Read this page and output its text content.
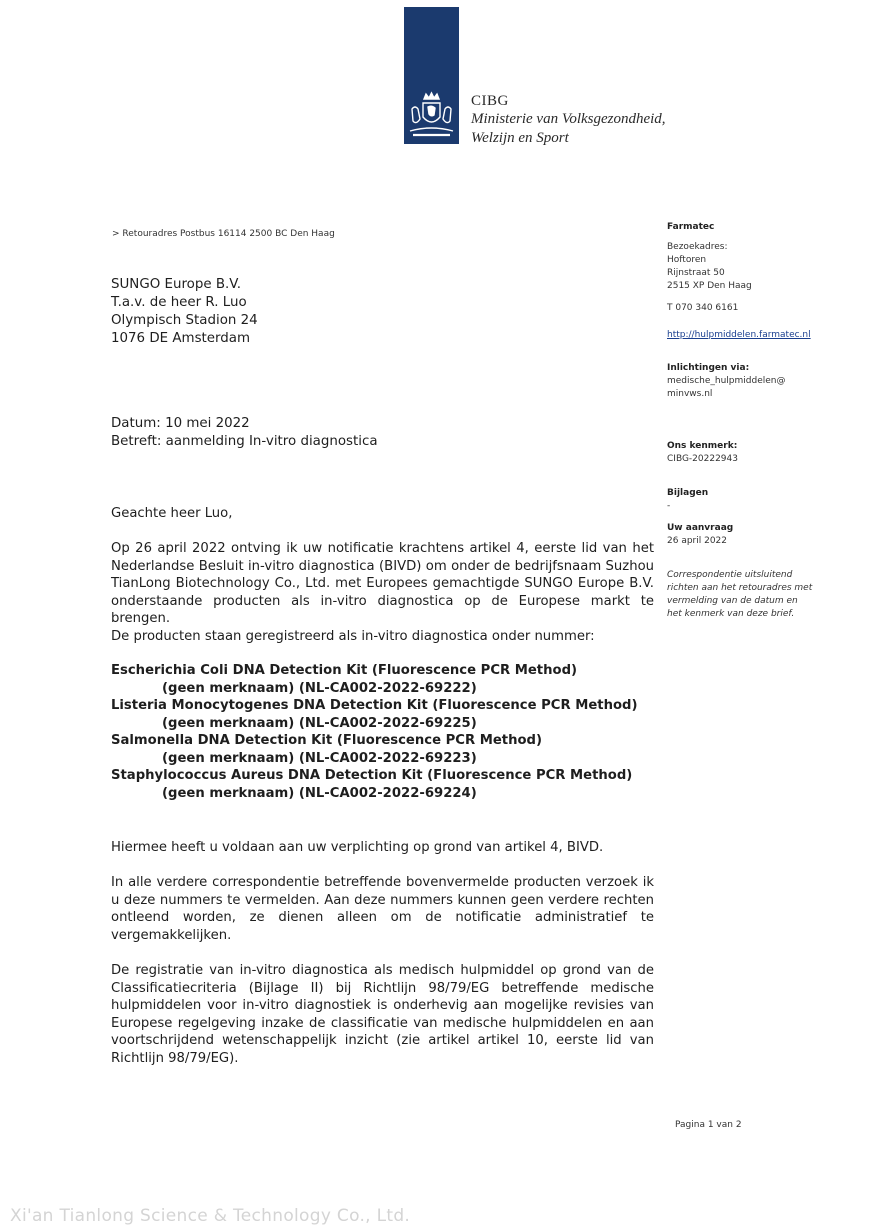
CIBG
Ministerie van Volksgezondheid,
Welzijn en Sport
> Retouradres Postbus 16114 2500 BC Den Haag
SUNGO Europe B.V.
T.a.v. de heer R. Luo
Olympisch Stadion 24
1076 DE Amsterdam
Datum: 10 mei 2022
Betreft: aanmelding In-vitro diagnostica
Geachte heer Luo,
Op 26 april 2022 ontving ik uw notificatie krachtens artikel 4, eerste lid van het Nederlandse Besluit in-vitro diagnostica (BIVD) om onder de bedrijfsnaam Suzhou TianLong Biotechnology Co., Ltd. met Europees gemachtigde SUNGO Europe B.V. onderstaande producten als in-vitro diagnostica op de Europese markt te brengen.
De producten staan geregistreerd als in-vitro diagnostica onder nummer:
Escherichia Coli DNA Detection Kit (Fluorescence PCR Method)
(geen merknaam) (NL-CA002-2022-69222)
Listeria Monocytogenes DNA Detection Kit (Fluorescence PCR Method)
(geen merknaam) (NL-CA002-2022-69225)
Salmonella DNA Detection Kit (Fluorescence PCR Method)
(geen merknaam) (NL-CA002-2022-69223)
Staphylococcus Aureus DNA Detection Kit (Fluorescence PCR Method)
(geen merknaam) (NL-CA002-2022-69224)
Hiermee heeft u voldaan aan uw verplichting op grond van artikel 4, BIVD.
In alle verdere correspondentie betreffende bovenvermelde producten verzoek ik u deze nummers te vermelden. Aan deze nummers kunnen geen verdere rechten ontleend worden, ze dienen alleen om de notificatie administratief te vergemakkelijken.
De registratie van in-vitro diagnostica als medisch hulpmiddel op grond van de Classificatiecriteria (Bijlage II) bij Richtlijn 98/79/EG betreffende medische hulpmiddelen voor in-vitro diagnostiek is onderhevig aan mogelijke revisies van Europese regelgeving inzake de classificatie van medische hulpmiddelen en aan voortschrijdend wetenschappelijk inzicht (zie artikel artikel 10, eerste lid van Richtlijn 98/79/EG).
Farmatec
Bezoekadres:
Hoftoren
Rijnstraat 50
2515 XP Den Haag
T 070 340 6161
http://hulpmiddelen.farmatec.nl
Inlichtingen via:
medische_hulpmiddelen@
minvws.nl
Ons kenmerk:
CIBG-20222943
Bijlagen
-
Uw aanvraag
26 april 2022
Correspondentie uitsluitend
richten aan het retouradres met
vermelding van de datum en
het kenmerk van deze brief.
Pagina 1 van 2
Xi'an Tianlong Science & Technology Co., Ltd.
